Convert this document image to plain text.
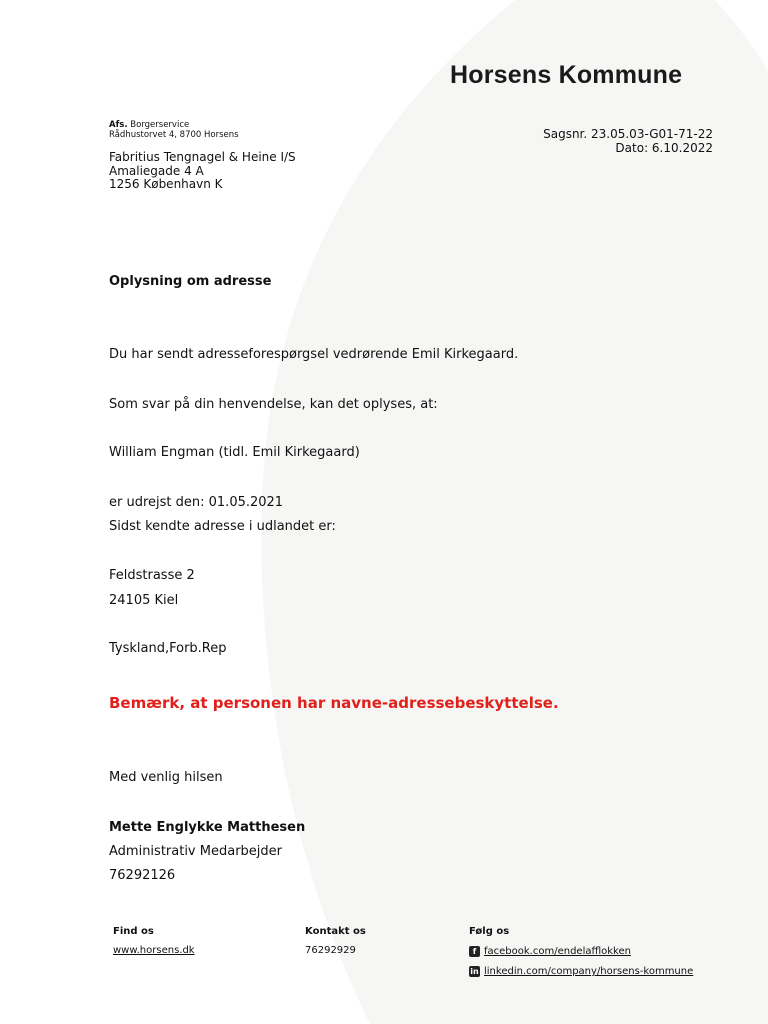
Horsens Kommune
Afs. Borgerservice
Rådhustorvet 4, 8700 Horsens	Sagsnr. 23.05.03-G01-71-22
Dato: 6.10.2022
Fabritius Tengnagel & Heine I/S
Amaliegade 4 A
1256 København K
Oplysning om adresse
Du har sendt adresseforespørgsel vedrørende Emil Kirkegaard.
Som svar på din henvendelse, kan det oplyses, at:
William Engman (tidl. Emil Kirkegaard)
er udrejst den: 01.05.2021
Sidst kendte adresse i udlandet er:
Feldstrasse 2
24105 Kiel
Tyskland,Forb.Rep
Bemærk, at personen har navne-adressebeskyttelse.
Med venlig hilsen
Mette Englykke Matthesen
Administrativ Medarbejder
76292126
Find os
www.horsens.dk
Kontakt os
76292929
Følg os
f facebook.com/endelafflokken
in linkedin.com/company/horsens-kommune
